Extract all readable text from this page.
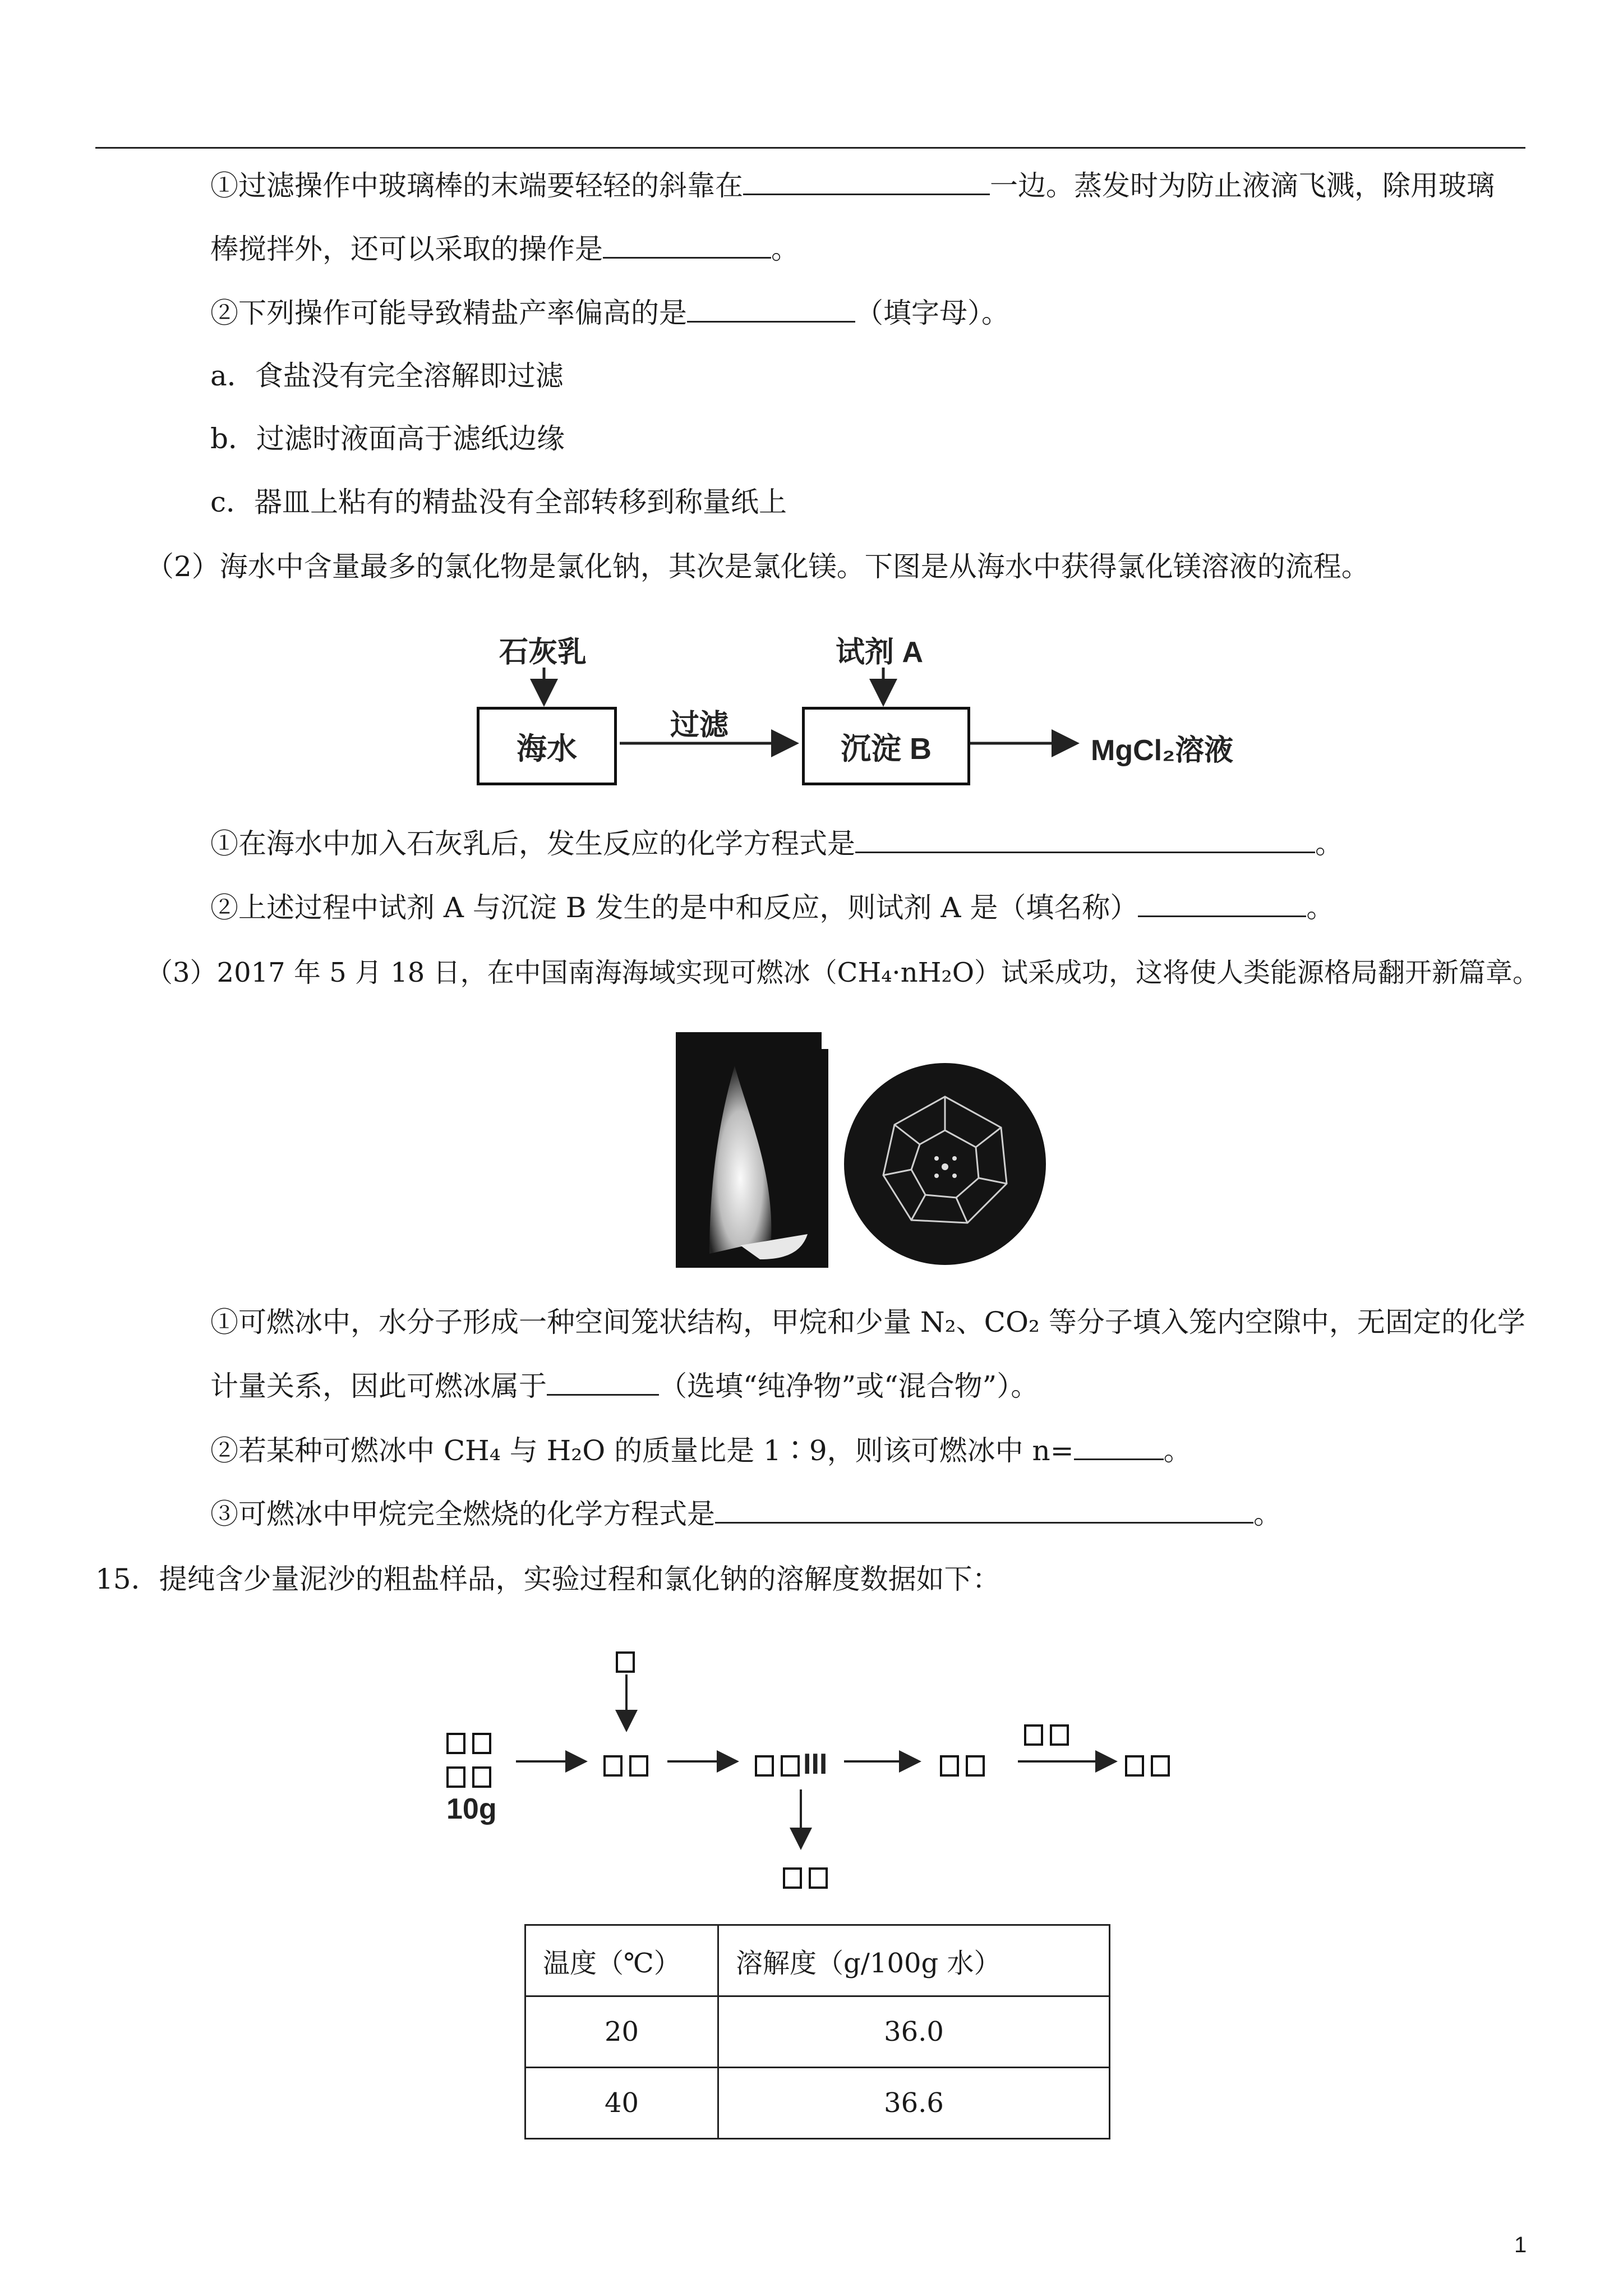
①过滤操作中玻璃棒的末端要轻轻的斜靠在	一边。蒸发时为防止液滴飞溅，除用玻璃
棒搅拌外，还可以采取的操作是	。
②下列操作可能导致精盐产率偏高的是	（填字母）。
a．食盐没有完全溶解即过滤
b．过滤时液面高于滤纸边缘
c．器皿上粘有的精盐没有全部转移到称量纸上
（2）海水中含量最多的氯化物是氯化钠，其次是氯化镁。下图是从海水中获得氯化镁溶液的流程。
石灰乳	试剂 A
海水
过滤
沉淀 B	MgCl₂溶液
①在海水中加入石灰乳后，发生反应的化学方程式是	。
②上述过程中试剂 A 与沉淀 B 发生的是中和反应，则试剂 A 是（填名称）	。
（3）2017 年 5 月 18 日，在中国南海海域实现可燃冰（CH₄·nH₂O）试采成功，这将使人类能源格局翻开新篇章。
①可燃冰中，水分子形成一种空间笼状结构，甲烷和少量 N₂、CO₂ 等分子填入笼内空隙中，无固定的化学
计量关系，因此可燃冰属于	（选填“纯净物”或“混合物”）。
②若某种可燃冰中 CH₄ 与 H₂O 的质量比是 1∶9，则该可燃冰中 n=	。
③可燃冰中甲烷完全燃烧的化学方程式是	。
15．提纯含少量泥沙的粗盐样品，实验过程和氯化钠的溶解度数据如下：
10g
III
温度（℃）	溶解度（g/100g 水）
20	36.0
40	36.6
1
